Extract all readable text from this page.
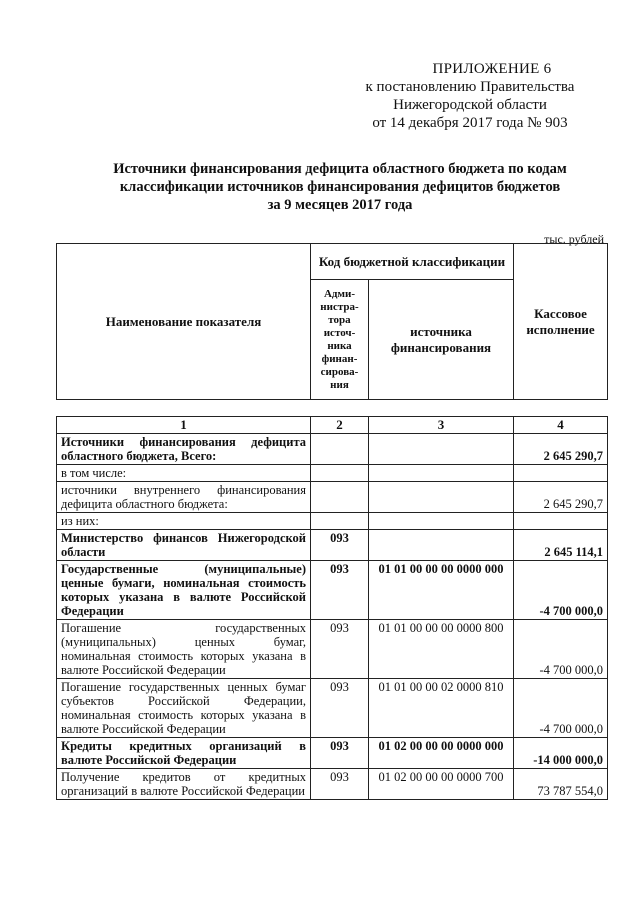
ПРИЛОЖЕНИЕ 6
к постановлению Правительства
Нижегородской области
от 14 декабря 2017 года № 903
Источники финансирования дефицита областного бюджета по кодам
классификации источников финансирования дефицитов бюджетов
за 9 месяцев 2017 года
тыс. рублей
Наименование показателя	Код бюджетной классификации		Кассовое исполнение
	Адми-нистра-тора источ-ника финан-сирова-ния	источника финансирования	
1	2	3	4
Источники финансирования дефицита областного бюджета, Всего:			2 645 290,7
в том числе:			
источники внутреннего финансирования дефицита областного бюджета:			2 645 290,7
из них:			
Министерство финансов Нижегородской области	093		2 645 114,1
Государственные (муниципальные) ценные бумаги, номинальная стоимость которых указана в валюте Российской Федерации	093	01 01 00 00 00 0000 000	-4 700 000,0
Погашение государственных (муниципальных) ценных бумаг, номинальная стоимость которых указана в валюте Российской Федерации	093	01 01 00 00 00 0000 800	-4 700 000,0
Погашение государственных ценных бумаг субъектов Российской Федерации, номинальная стоимость которых указана в валюте Российской Федерации	093	01 01 00 00 02 0000 810	-4 700 000,0
Кредиты кредитных организаций в валюте Российской Федерации	093	01 02 00 00 00 0000 000	-14 000 000,0
Получение кредитов от кредитных организаций в валюте Российской Федерации	093	01 02 00 00 00 0000 700	73 787 554,0
